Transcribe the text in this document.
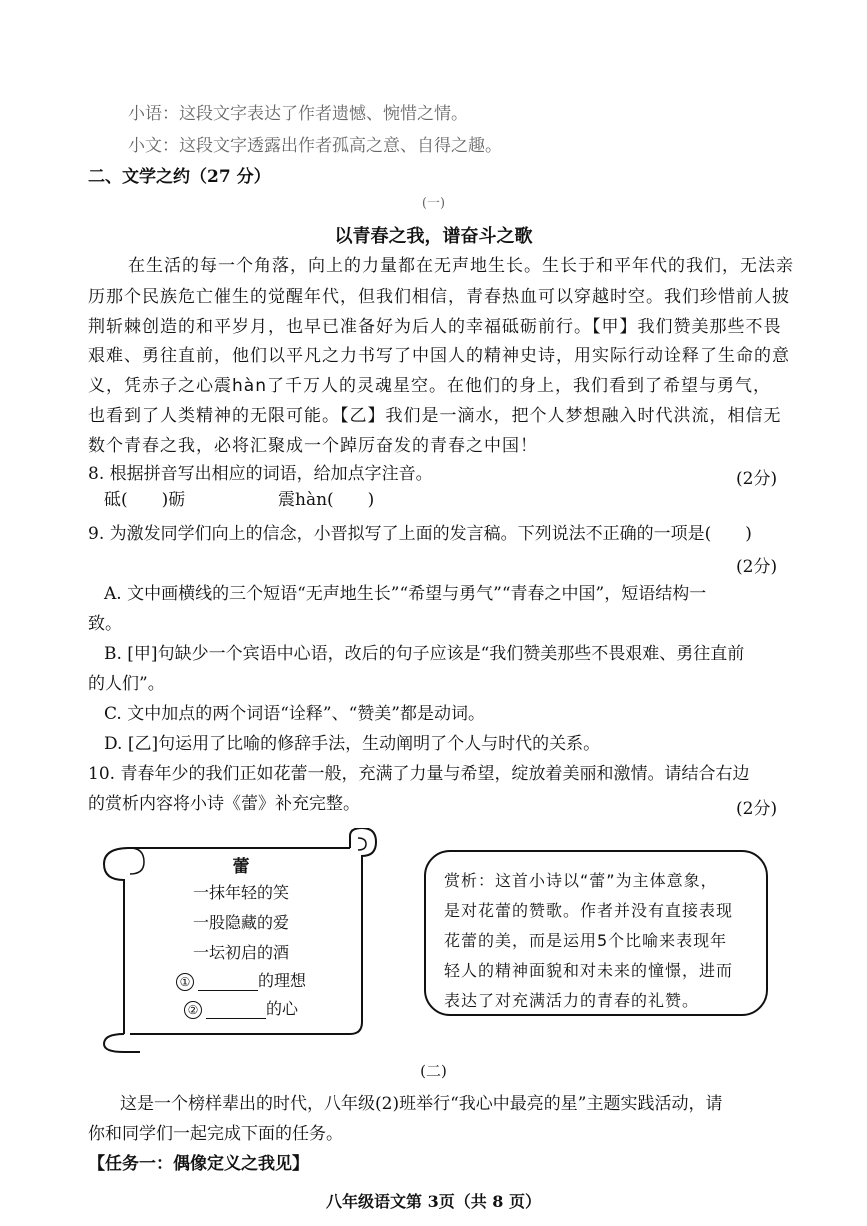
小语：这段文字表达了作者遗憾、惋惜之情。
小文：这段文字透露出作者孤高之意、自得之趣。
二、文学之约（27 分）
(一)
以青春之我，谱奋斗之歌
在生活的每一个角落，向上的力量都在无声地生长。生长于和平年代的我们，无法亲
历那个民族危亡催生的觉醒年代，但我们相信，青春热血可以穿越时空。我们珍惜前人披
荆斩棘创造的和平岁月，也早已准备好为后人的幸福砥砺前行。【甲】我们赞美那些不畏
艰难、勇往直前，他们以平凡之力书写了中国人的精神史诗，用实际行动诠释了生命的意
义，凭赤子之心震hàn了千万人的灵魂星空。在他们的身上，我们看到了希望与勇气，
也看到了人类精神的无限可能。【乙】我们是一滴水，把个人梦想融入时代洪流，相信无
数个青春之我，必将汇聚成一个踔厉奋发的青春之中国！
8. 根据拼音写出相应的词语，给加点字注音。	(2分)
砥(　　)砺	震hàn(　　)
9. 为激发同学们向上的信念，小晋拟写了上面的发言稿。下列说法不正确的一项是(　　)
(2分)
A. 文中画横线的三个短语“无声地生长”“希望与勇气”“青春之中国”，短语结构一
致。
B. [甲]句缺少一个宾语中心语，改后的句子应该是“我们赞美那些不畏艰难、勇往直前
的人们”。
C. 文中加点的两个词语“诠释”、“赞美”都是动词。
D. [乙]句运用了比喻的修辞手法，生动阐明了个人与时代的关系。
10. 青春年少的我们正如花蕾一般，充满了力量与希望，绽放着美丽和激情。请结合右边
的赏析内容将小诗《蕾》补充完整。	(2分)
蕾
一抹年轻的笑
一股隐藏的爱
一坛初启的酒
①	的理想
②	的心

赏析：这首小诗以“蕾”为主体意象，

是对花蕾的赞歌。作者并没有直接表现

花蕾的美，而是运用5个比喻来表现年

轻人的精神面貌和对未来的憧憬，进而

表达了对充满活力的青春的礼赞。

(二)
这是一个榜样辈出的时代，八年级(2)班举行“我心中最亮的星”主题实践活动，请
你和同学们一起完成下面的任务。
【任务一：偶像定义之我见】
八年级语文第 3页（共 8 页）
